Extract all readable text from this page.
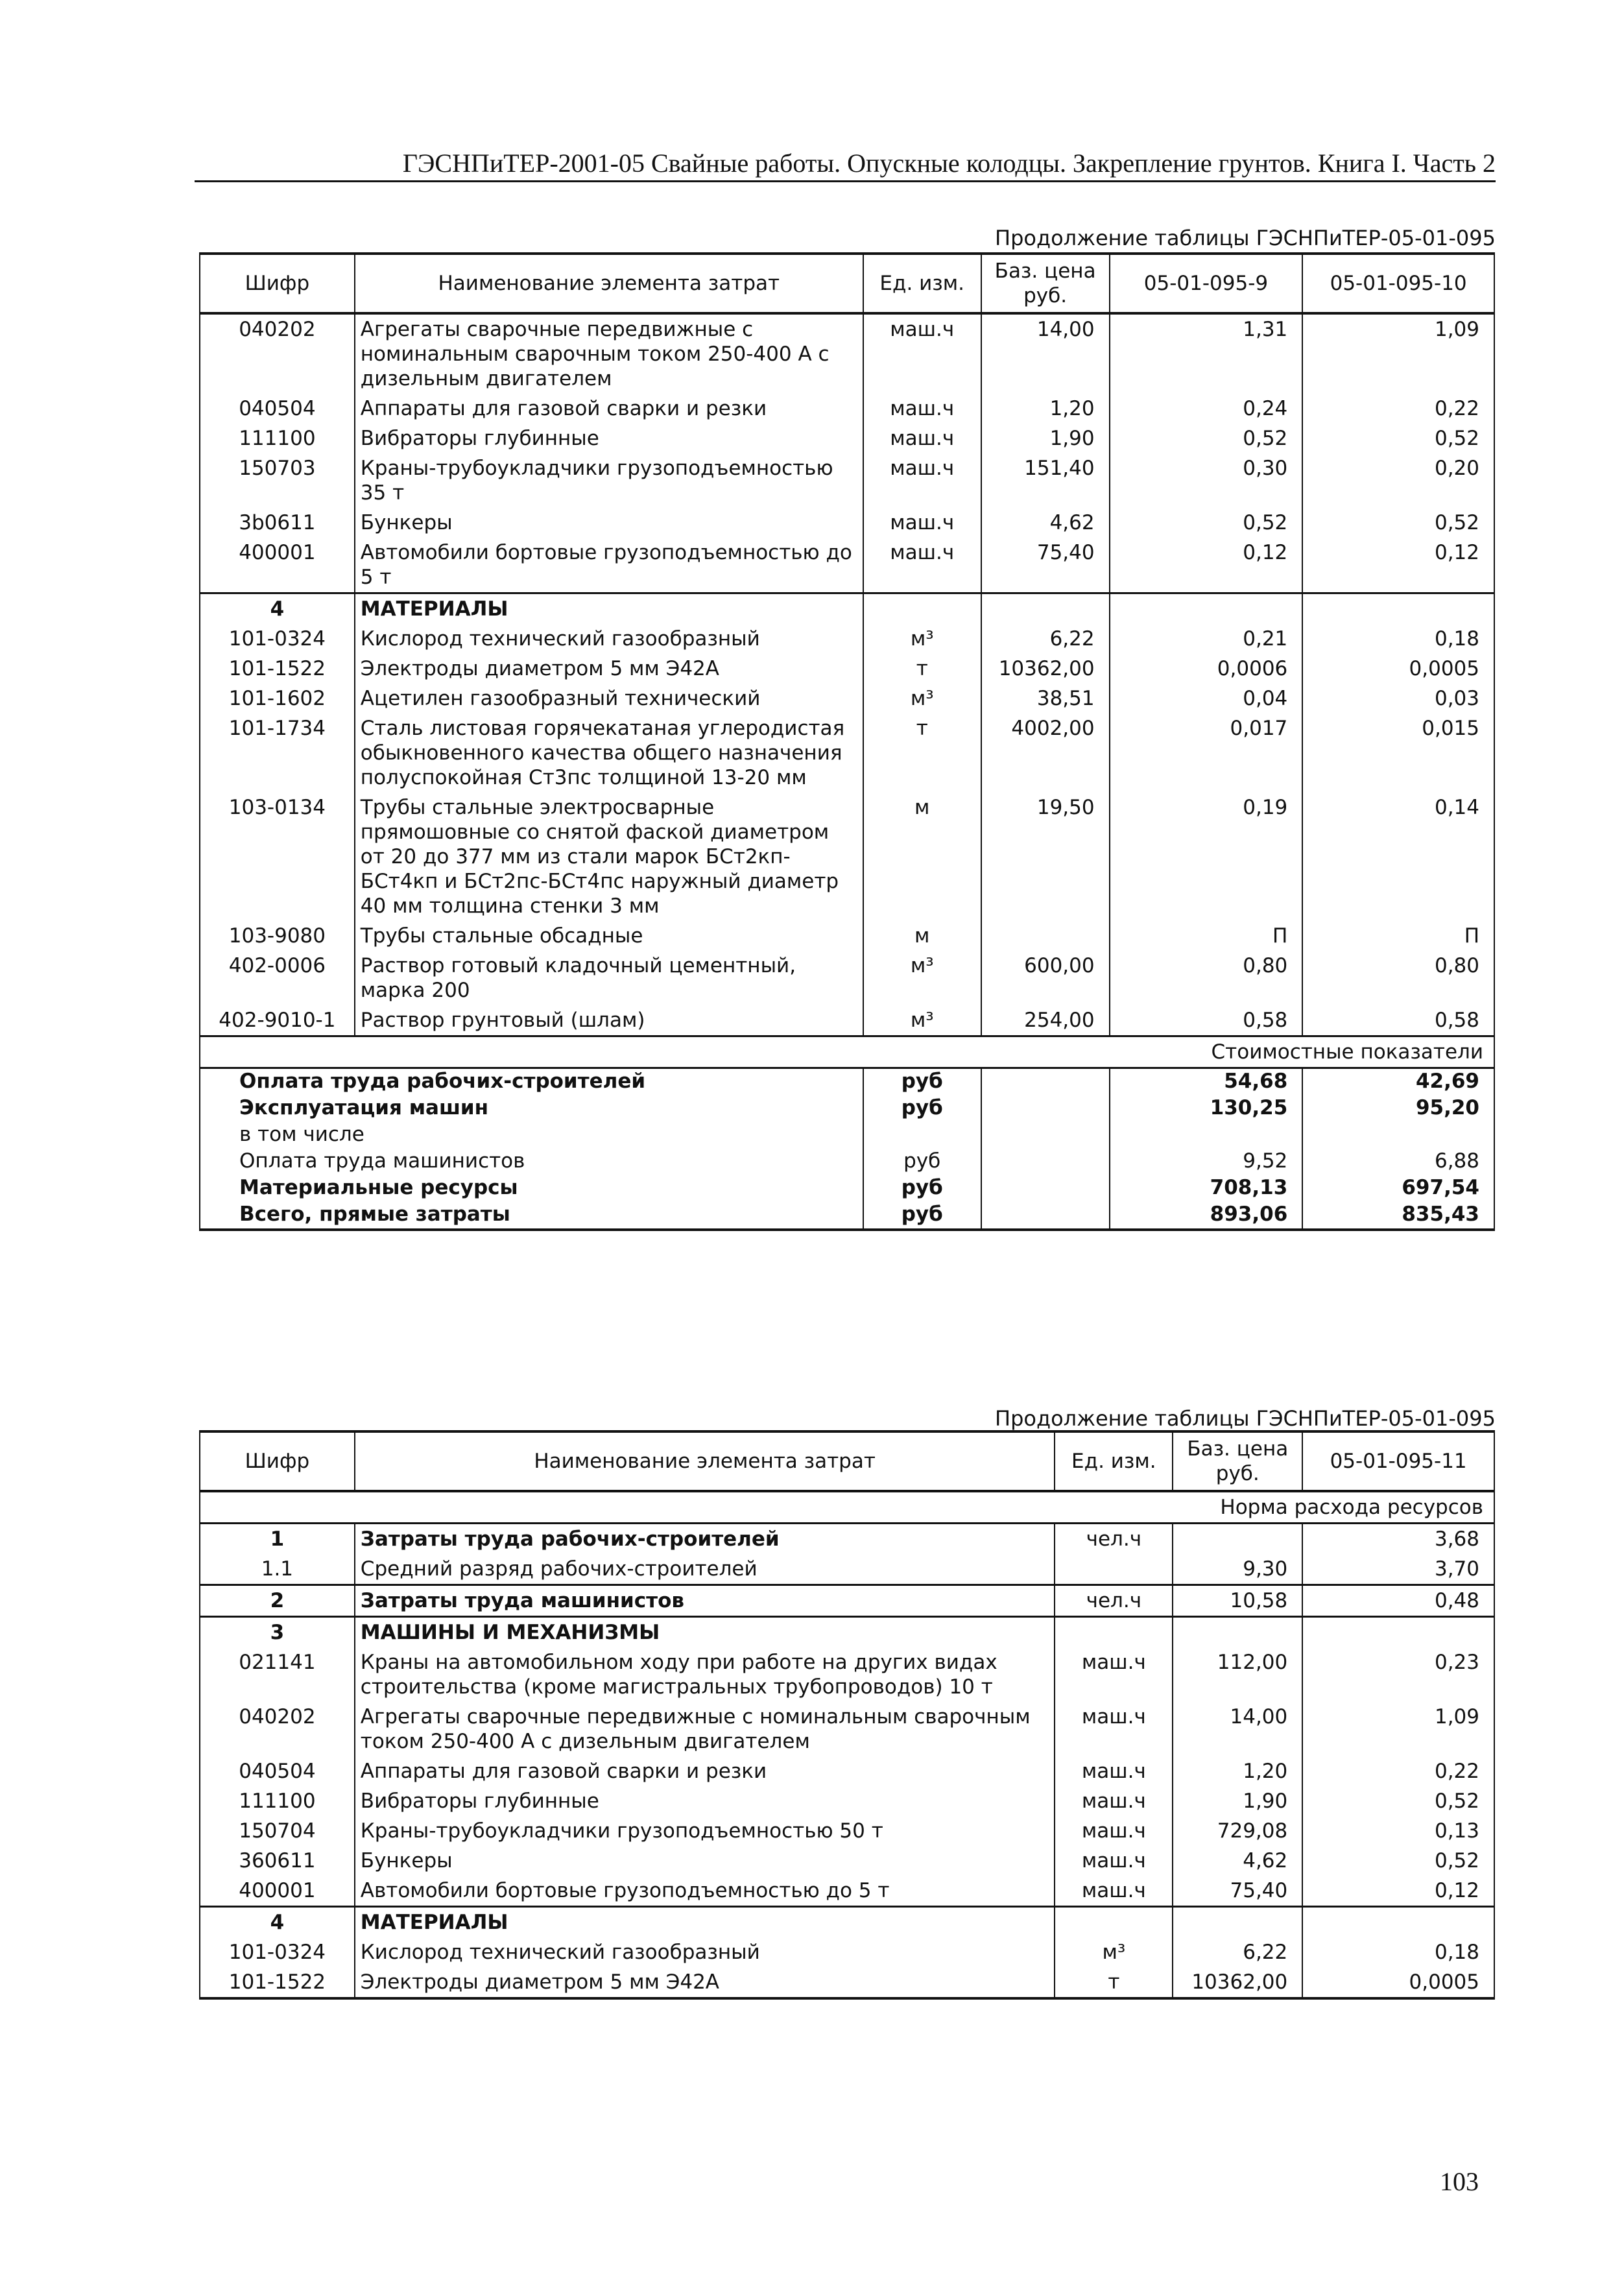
ГЭСНПиТЕР-2001-05 Свайные работы. Опускные колодцы. Закрепление грунтов. Книга I. Часть 2
Продолжение таблицы ГЭСНПиТЕР-05-01-095
Шифр	Наименование элемента затрат	Ед. изм.	Баз. цена руб.	05-01-095-9	05-01-095-10
040202	Агрегаты сварочные передвижные с номинальным сварочным током 250-400 А с дизельным двигателем	маш.ч	14,00	1,31	1,09
040504	Аппараты для газовой сварки и резки	маш.ч	1,20	0,24	0,22
111100	Вибраторы глубинные	маш.ч	1,90	0,52	0,52
150703	Краны-трубоукладчики грузоподъемностью 35 т	маш.ч	151,40	0,30	0,20
3b0611	Бункеры	маш.ч	4,62	0,52	0,52
400001	Автомобили бортовые грузоподъемностью до 5 т	маш.ч	75,40	0,12	0,12
4	МАТЕРИАЛЫ				
101-0324	Кислород технический газообразный	м³	6,22	0,21	0,18
101-1522	Электроды диаметром 5 мм Э42А	т	10362,00	0,0006	0,0005
101-1602	Ацетилен газообразный технический	м³	38,51	0,04	0,03
101-1734	Сталь листовая горячекатаная углеродистая обыкновенного качества общего назначения полуспокойная Ст3пс толщиной 13-20 мм	т	4002,00	0,017	0,015
103-0134	Трубы стальные электросварные прямошовные со снятой фаской диаметром от 20 до 377 мм из стали марок БСт2кп-БСт4кп и БСт2пс-БСт4пс наружный диаметр 40 мм толщина стенки 3 мм	м	19,50	0,19	0,14
103-9080	Трубы стальные обсадные	м		П	П
402-0006	Раствор готовый кладочный цементный, марка 200	м³	600,00	0,80	0,80
402-9010-1	Раствор грунтовый (шлам)	м³	254,00	0,58	0,58
Стоимостные показатели					
Оплата труда рабочих-строителей		руб		54,68	42,69
Эксплуатация машин		руб		130,25	95,20
в том числе					
Оплата труда машинистов		руб		9,52	6,88
Материальные ресурсы		руб		708,13	697,54
Всего, прямые затраты		руб		893,06	835,43
Продолжение таблицы ГЭСНПиТЕР-05-01-095
Шифр	Наименование элемента затрат	Ед. изм.	Баз. цена руб.	05-01-095-11
Норма расхода ресурсов				
1	Затраты труда рабочих-строителей	чел.ч		3,68
1.1	Средний разряд рабочих-строителей		9,30	3,70
2	Затраты труда машинистов	чел.ч	10,58	0,48
3	МАШИНЫ И МЕХАНИЗМЫ			
021141	Краны на автомобильном ходу при работе на других видах строительства (кроме магистральных трубопроводов) 10 т	маш.ч	112,00	0,23
040202	Агрегаты сварочные передвижные с номинальным сварочным током 250-400 А с дизельным двигателем	маш.ч	14,00	1,09
040504	Аппараты для газовой сварки и резки	маш.ч	1,20	0,22
111100	Вибраторы глубинные	маш.ч	1,90	0,52
150704	Краны-трубоукладчики грузоподъемностью 50 т	маш.ч	729,08	0,13
360611	Бункеры	маш.ч	4,62	0,52
400001	Автомобили бортовые грузоподъемностью до 5 т	маш.ч	75,40	0,12
4	МАТЕРИАЛЫ			
101-0324	Кислород технический газообразный	м³	6,22	0,18
101-1522	Электроды диаметром 5 мм Э42А	т	10362,00	0,0005
103
